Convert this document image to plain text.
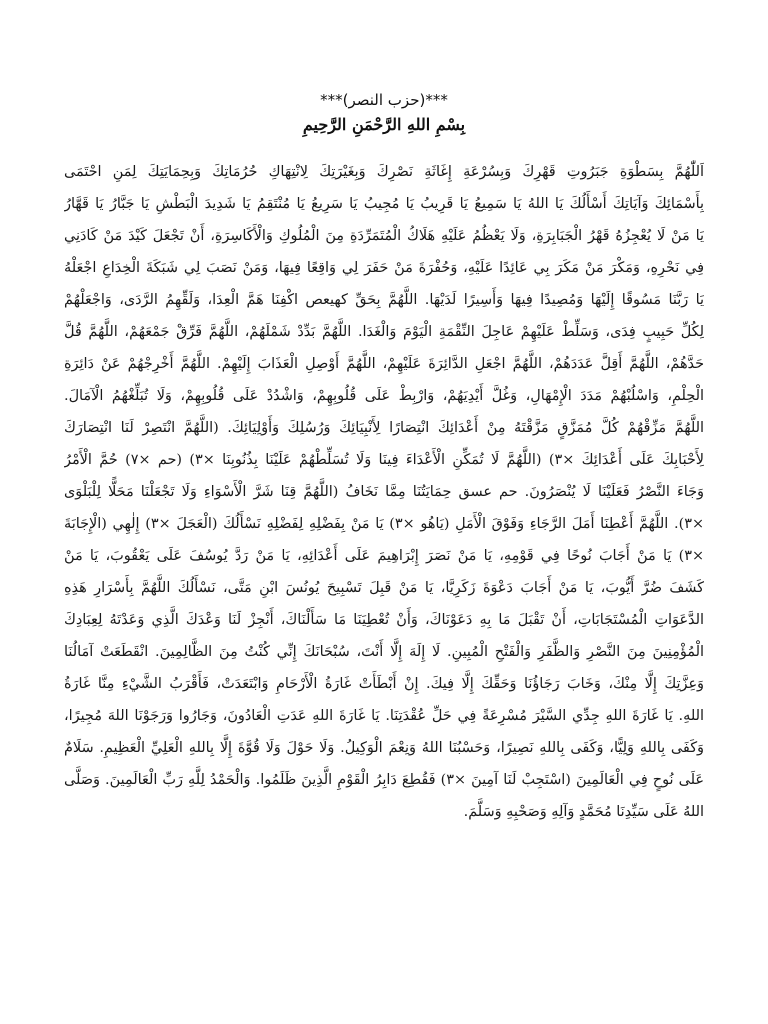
***(حزب النصر)***
بِسْمِ اللهِ الرَّحْمَنِ الرَّحِيمِ
اَللّٰهُمَّ بِسَطْوَةِ جَبَرُوتِ قَهْرِكَ وَبِسُرْعَةِ إِغَاثَةِ نَصْرِكَ وَبِغَيْرَتِكَ لِانْتِهَاكِ حُرُمَاتِكَ وَبِحِمَايَتِكَ لِمَنِ احْتَمَى
بِأَسْمَائِكَ وَآيَاتِكَ أَسْأَلُكَ يَا اللهُ يَا سَمِيعُ يَا قَرِيبُ يَا مُجِيبُ يَا سَرِيعُ يَا مُنْتَقِمُ يَا شَدِيدَ الْبَطْشِ يَا جَبَّارُ يَا قَهَّارُ
يَا مَنْ لَا يُعْجِزُهُ قَهْرُ الْجَبَابِرَةِ، وَلَا يَعْظُمُ عَلَيْهِ هَلَاكُ الْمُتَمَرِّدَةِ مِنَ الْمُلُوكِ وَالْأَكَاسِرَةِ، أَنْ تَجْعَلَ كَيْدَ مَنْ كَادَنِي
فِي نَحْرِهِ، وَمَكْرَ مَنْ مَكَرَ بِي عَائِدًا عَلَيْهِ، وَحُفْرَةَ مَنْ حَفَرَ لِي وَاقِعًا فِيهَا، وَمَنْ نَصَبَ لِي شَبَكَةَ الْخِدَاعِ اجْعَلْهُ
يَا رَبَّنَا مَسُوقًا إِلَيْهَا وَمُصِيدًا فِيهَا وَأَسِيرًا لَدَيْهَا. اللَّهُمَّ بِحَقِّ كهيعص اكْفِنَا هَمَّ الْعِدَا، وَلَقِّهِمُ الرَّدَى، وَاجْعَلْهُمْ
لِكُلِّ حَبِيبٍ فِدَى، وَسَلِّطْ عَلَيْهِمْ عَاجِلَ النِّقْمَةِ الْيَوْمَ وَالْغَدَا. اللَّهُمَّ بَدِّدْ شَمْلَهُمْ، اللَّهُمَّ فَرِّقْ جَمْعَهُمْ، اللَّهُمَّ قُلَّ
حَدَّهُمْ، اللَّهُمَّ أَقِلَّ عَدَدَهُمْ، اللَّهُمَّ اجْعَلِ الدَّائِرَةَ عَلَيْهِمْ، اللَّهُمَّ أَوْصِلِ الْعَذَابَ إِلَيْهِمْ. اللَّهُمَّ أَخْرِجْهُمْ عَنْ دَائِرَةِ
الْحِلْمِ، وَاسْلُبْهُمْ مَدَدَ الْإِمْهَالِ، وَغُلَّ أَيْدِيَهُمْ، وَارْبِطْ عَلَى قُلُوبِهِمْ، وَاشْدُدْ عَلَى قُلُوبِهِمْ، وَلَا تُبَلِّغْهُمُ الْآمَالَ.
اللَّهُمَّ مَزِّقْهُمْ كُلَّ مُمَزَّقٍ مَزَّقْتَهُ مِنْ أَعْدَائِكَ انْتِصَارًا لِأَنْبِيَائِكَ وَرُسُلِكَ وَأَوْلِيَائِكَ. (اللَّهُمَّ انْتَصِرْ لَنَا انْتِصَارَكَ
لِأَحْبَابِكَ عَلَى أَعْدَائِكَ ×٣) (اللَّهُمَّ لَا تُمَكِّنِ الْأَعْدَاءَ فِينَا وَلَا تُسَلِّطْهُمْ عَلَيْنَا بِذُنُوبِنَا ×٣) (حم ×٧) حُمَّ الْأَمْرُ
وَجَاءَ النَّصْرُ فَعَلَيْنَا لَا يُنْصَرُونَ. حم عسق حِمَايَتُنَا مِمَّا نَخَافُ (اللَّهُمَّ قِنَا شَرَّ الْأَسْوَاءِ وَلَا تَجْعَلْنَا مَحَلًّا لِلْبَلْوَى
×٣). اللَّهُمَّ أَعْطِنَا أَمَلَ الرَّجَاءِ وَفَوْقَ الْأَمَلِ (يَاهُو ×٣) يَا مَنْ بِفَضْلِهِ لِفَضْلِهِ نَسْأَلُكَ (الْعَجَلَ ×٣) إِلٰهِي (الْإِجَابَةَ
×٣) يَا مَنْ أَجَابَ نُوحًا فِي قَوْمِهِ، يَا مَنْ نَصَرَ إِبْرَاهِيمَ عَلَى أَعْدَائِهِ، يَا مَنْ رَدَّ يُوسُفَ عَلَى يَعْقُوبَ، يَا مَنْ
كَشَفَ ضُرَّ أَيُّوبَ، يَا مَنْ أَجَابَ دَعْوَةَ زَكَرِيَّا، يَا مَنْ قَبِلَ تَسْبِيحَ يُونُسَ ابْنِ مَتَّى، نَسْأَلُكَ اللَّهُمَّ بِأَسْرَارِ هَذِهِ
الدَّعَوَاتِ الْمُسْتَجَابَاتِ، أَنْ تَقْبَلَ مَا بِهِ دَعَوْنَاكَ، وَأَنْ تُعْطِيَنَا مَا سَأَلْنَاكَ، أَنْجِزْ لَنَا وَعْدَكَ الَّذِي وَعَدْتَهُ لِعِبَادِكَ
الْمُؤْمِنِينَ مِنَ النَّصْرِ وَالظَّفَرِ وَالْفَتْحِ الْمُبِينِ. لَا إِلَهَ إِلَّا أَنْتَ، سُبْحَانَكَ إِنِّي كُنْتُ مِنَ الظَّالِمِينَ. انْقَطَعَتْ آمَالُنَا
وَعِزَّتِكَ إِلَّا مِنْكَ، وَخَابَ رَجَاؤُنَا وَحَقِّكَ إِلَّا فِيكَ. إِنْ أَبْطَأَتْ غَارَةُ الْأَرْحَامِ وَابْتَعَدَتْ، فَأَقْرَبُ الشَّيْءِ مِنَّا غَارَةُ
اللهِ. يَا غَارَةَ اللهِ جِدِّي السَّيْرَ مُسْرِعَةً فِي حَلِّ عُقْدَتِنَا. يَا غَارَةَ اللهِ عَدَتِ الْعَادُونَ، وَجَارُوا وَرَجَوْنَا اللهَ مُجِيرًا،
وَكَفَى بِاللهِ وَلِيًّا، وَكَفَى بِاللهِ نَصِيرًا، وَحَسْبُنَا اللهُ وَنِعْمَ الْوَكِيلُ. وَلَا حَوْلَ وَلَا قُوَّةَ إِلَّا بِاللهِ الْعَلِيِّ الْعَظِيمِ. سَلَامٌ
عَلَى نُوحٍ فِي الْعَالَمِينَ (اسْتَجِبْ لَنَا آمِينَ ×٣) فَقُطِعَ دَابِرُ الْقَوْمِ الَّذِينَ ظَلَمُوا. وَالْحَمْدُ لِلَّهِ رَبِّ الْعَالَمِينَ. وَصَلَّى
اللهُ عَلَى سَيِّدِنَا مُحَمَّدٍ وَآلِهِ وَصَحْبِهِ وَسَلَّمَ.
